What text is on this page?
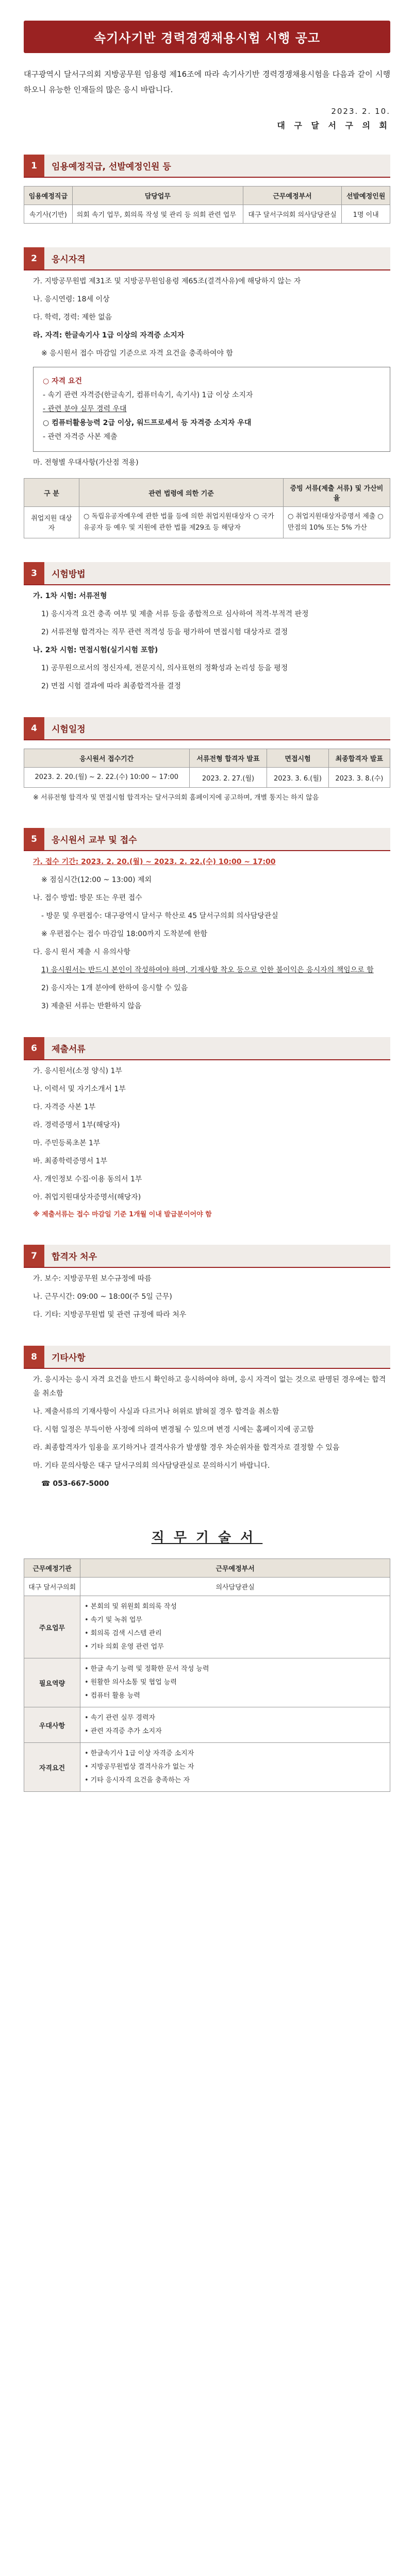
속기사기반 경력경쟁채용시험 시행 공고
대구광역시 달서구의회 지방공무원 임용령 제16조에 따라 속기사기반 경력경쟁채용시험을 다음과 같이 시행하오니 유능한 인재들의 많은 응시 바랍니다.
2023. 2. 10.
대 구 달 서 구 의 회
1	임용예정직급, 선발예정인원 등
임용예정직급	담당업무	근무예정부서	선발예정인원
속기사(기반)	의회 속기 업무, 회의록 작성 및 관리 등 의회 관련 업무	대구 달서구의회 의사담당관실	1명 이내
2	응시자격
가. 지방공무원법 제31조 및 지방공무원임용령 제65조(결격사유)에 해당하지 않는 자
나. 응시연령: 18세 이상
다. 학력, 경력: 제한 없음
라. 자격: 한글속기사 1급 이상의 자격증 소지자
※ 응시원서 접수 마감일 기준으로 자격 요건을 충족하여야 함
○ 자격 요건
- 속기 관련 자격증(한글속기, 컴퓨터속기, 속기사) 1급 이상 소지자
- 관련 분야 실무 경력 우대
○ 컴퓨터활용능력 2급 이상, 워드프로세서 등 자격증 소지자 우대
- 관련 자격증 사본 제출
마. 전형별 우대사항(가산점 적용)
구 분	관련 법령에 의한 기준	증빙 서류(제출 서류) 및 가산비율
취업지원 대상자	○ 독립유공자예우에 관한 법률 등에 의한 취업지원대상자 ○ 국가유공자 등 예우 및 지원에 관한 법률 제29조 등 해당자	○ 취업지원대상자증명서 제출 ○ 만점의 10% 또는 5% 가산
3	시험방법
가. 1차 시험: 서류전형
1) 응시자격 요건 충족 여부 및 제출 서류 등을 종합적으로 심사하여 적격·부적격 판정
2) 서류전형 합격자는 직무 관련 적격성 등을 평가하여 면접시험 대상자로 결정
나. 2차 시험: 면접시험(실기시험 포함)
1) 공무원으로서의 정신자세, 전문지식, 의사표현의 정확성과 논리성 등을 평정
2) 면접 시험 결과에 따라 최종합격자를 결정
4	시험일정
응시원서 접수기간	서류전형 합격자 발표	면접시험	최종합격자 발표
2023. 2. 20.(월) ~ 2. 22.(수) 10:00 ~ 17:00	2023. 2. 27.(월)	2023. 3. 6.(월)	2023. 3. 8.(수)
※ 서류전형 합격자 및 면접시험 합격자는 달서구의회 홈페이지에 공고하며, 개별 통지는 하지 않음
5	응시원서 교부 및 접수
가. 접수 기간: 2023. 2. 20.(월) ~ 2023. 2. 22.(수) 10:00 ~ 17:00
※ 점심시간(12:00 ~ 13:00) 제외
나. 접수 방법: 방문 또는 우편 접수
- 방문 및 우편접수: 대구광역시 달서구 학산로 45 달서구의회 의사담당관실
※ 우편접수는 접수 마감일 18:00까지 도착분에 한함
다. 응시 원서 제출 시 유의사항
1) 응시원서는 반드시 본인이 작성하여야 하며, 기재사항 착오 등으로 인한 불이익은 응시자의 책임으로 함
2) 응시자는 1개 분야에 한하여 응시할 수 있음
3) 제출된 서류는 반환하지 않음
6	제출서류
가. 응시원서(소정 양식) 1부
나. 이력서 및 자기소개서 1부
다. 자격증 사본 1부
라. 경력증명서 1부(해당자)
마. 주민등록초본 1부
바. 최종학력증명서 1부
사. 개인정보 수집·이용 동의서 1부
아. 취업지원대상자증명서(해당자)
※ 제출서류는 접수 마감일 기준 1개월 이내 발급분이어야 함
7	합격자 처우
가. 보수: 지방공무원 보수규정에 따름
나. 근무시간: 09:00 ~ 18:00(주 5일 근무)
다. 기타: 지방공무원법 및 관련 규정에 따라 처우
8	기타사항
가. 응시자는 응시 자격 요건을 반드시 확인하고 응시하여야 하며, 응시 자격이 없는 것으로 판명된 경우에는 합격을 취소함
나. 제출서류의 기재사항이 사실과 다르거나 허위로 밝혀질 경우 합격을 취소함
다. 시험 일정은 부득이한 사정에 의하여 변경될 수 있으며 변경 시에는 홈페이지에 공고함
라. 최종합격자가 임용을 포기하거나 결격사유가 발생할 경우 차순위자를 합격자로 결정할 수 있음
마. 기타 문의사항은 대구 달서구의회 의사담당관실로 문의하시기 바랍니다.
☎ 053-667-5000
직무기술서
근무예정기관	근무예정부서
대구 달서구의회	의사담당관실
주요업무	• 본회의 및 위원회 회의록 작성
• 속기 및 녹취 업무
• 회의록 검색 시스템 관리
• 기타 의회 운영 관련 업무

필요역량	• 한글 속기 능력 및 정확한 문서 작성 능력
• 원활한 의사소통 및 협업 능력
• 컴퓨터 활용 능력

우대사항	• 속기 관련 실무 경력자
• 관련 자격증 추가 소지자

자격요건	• 한글속기사 1급 이상 자격증 소지자
• 지방공무원법상 결격사유가 없는 자
• 기타 응시자격 요건을 충족하는 자
